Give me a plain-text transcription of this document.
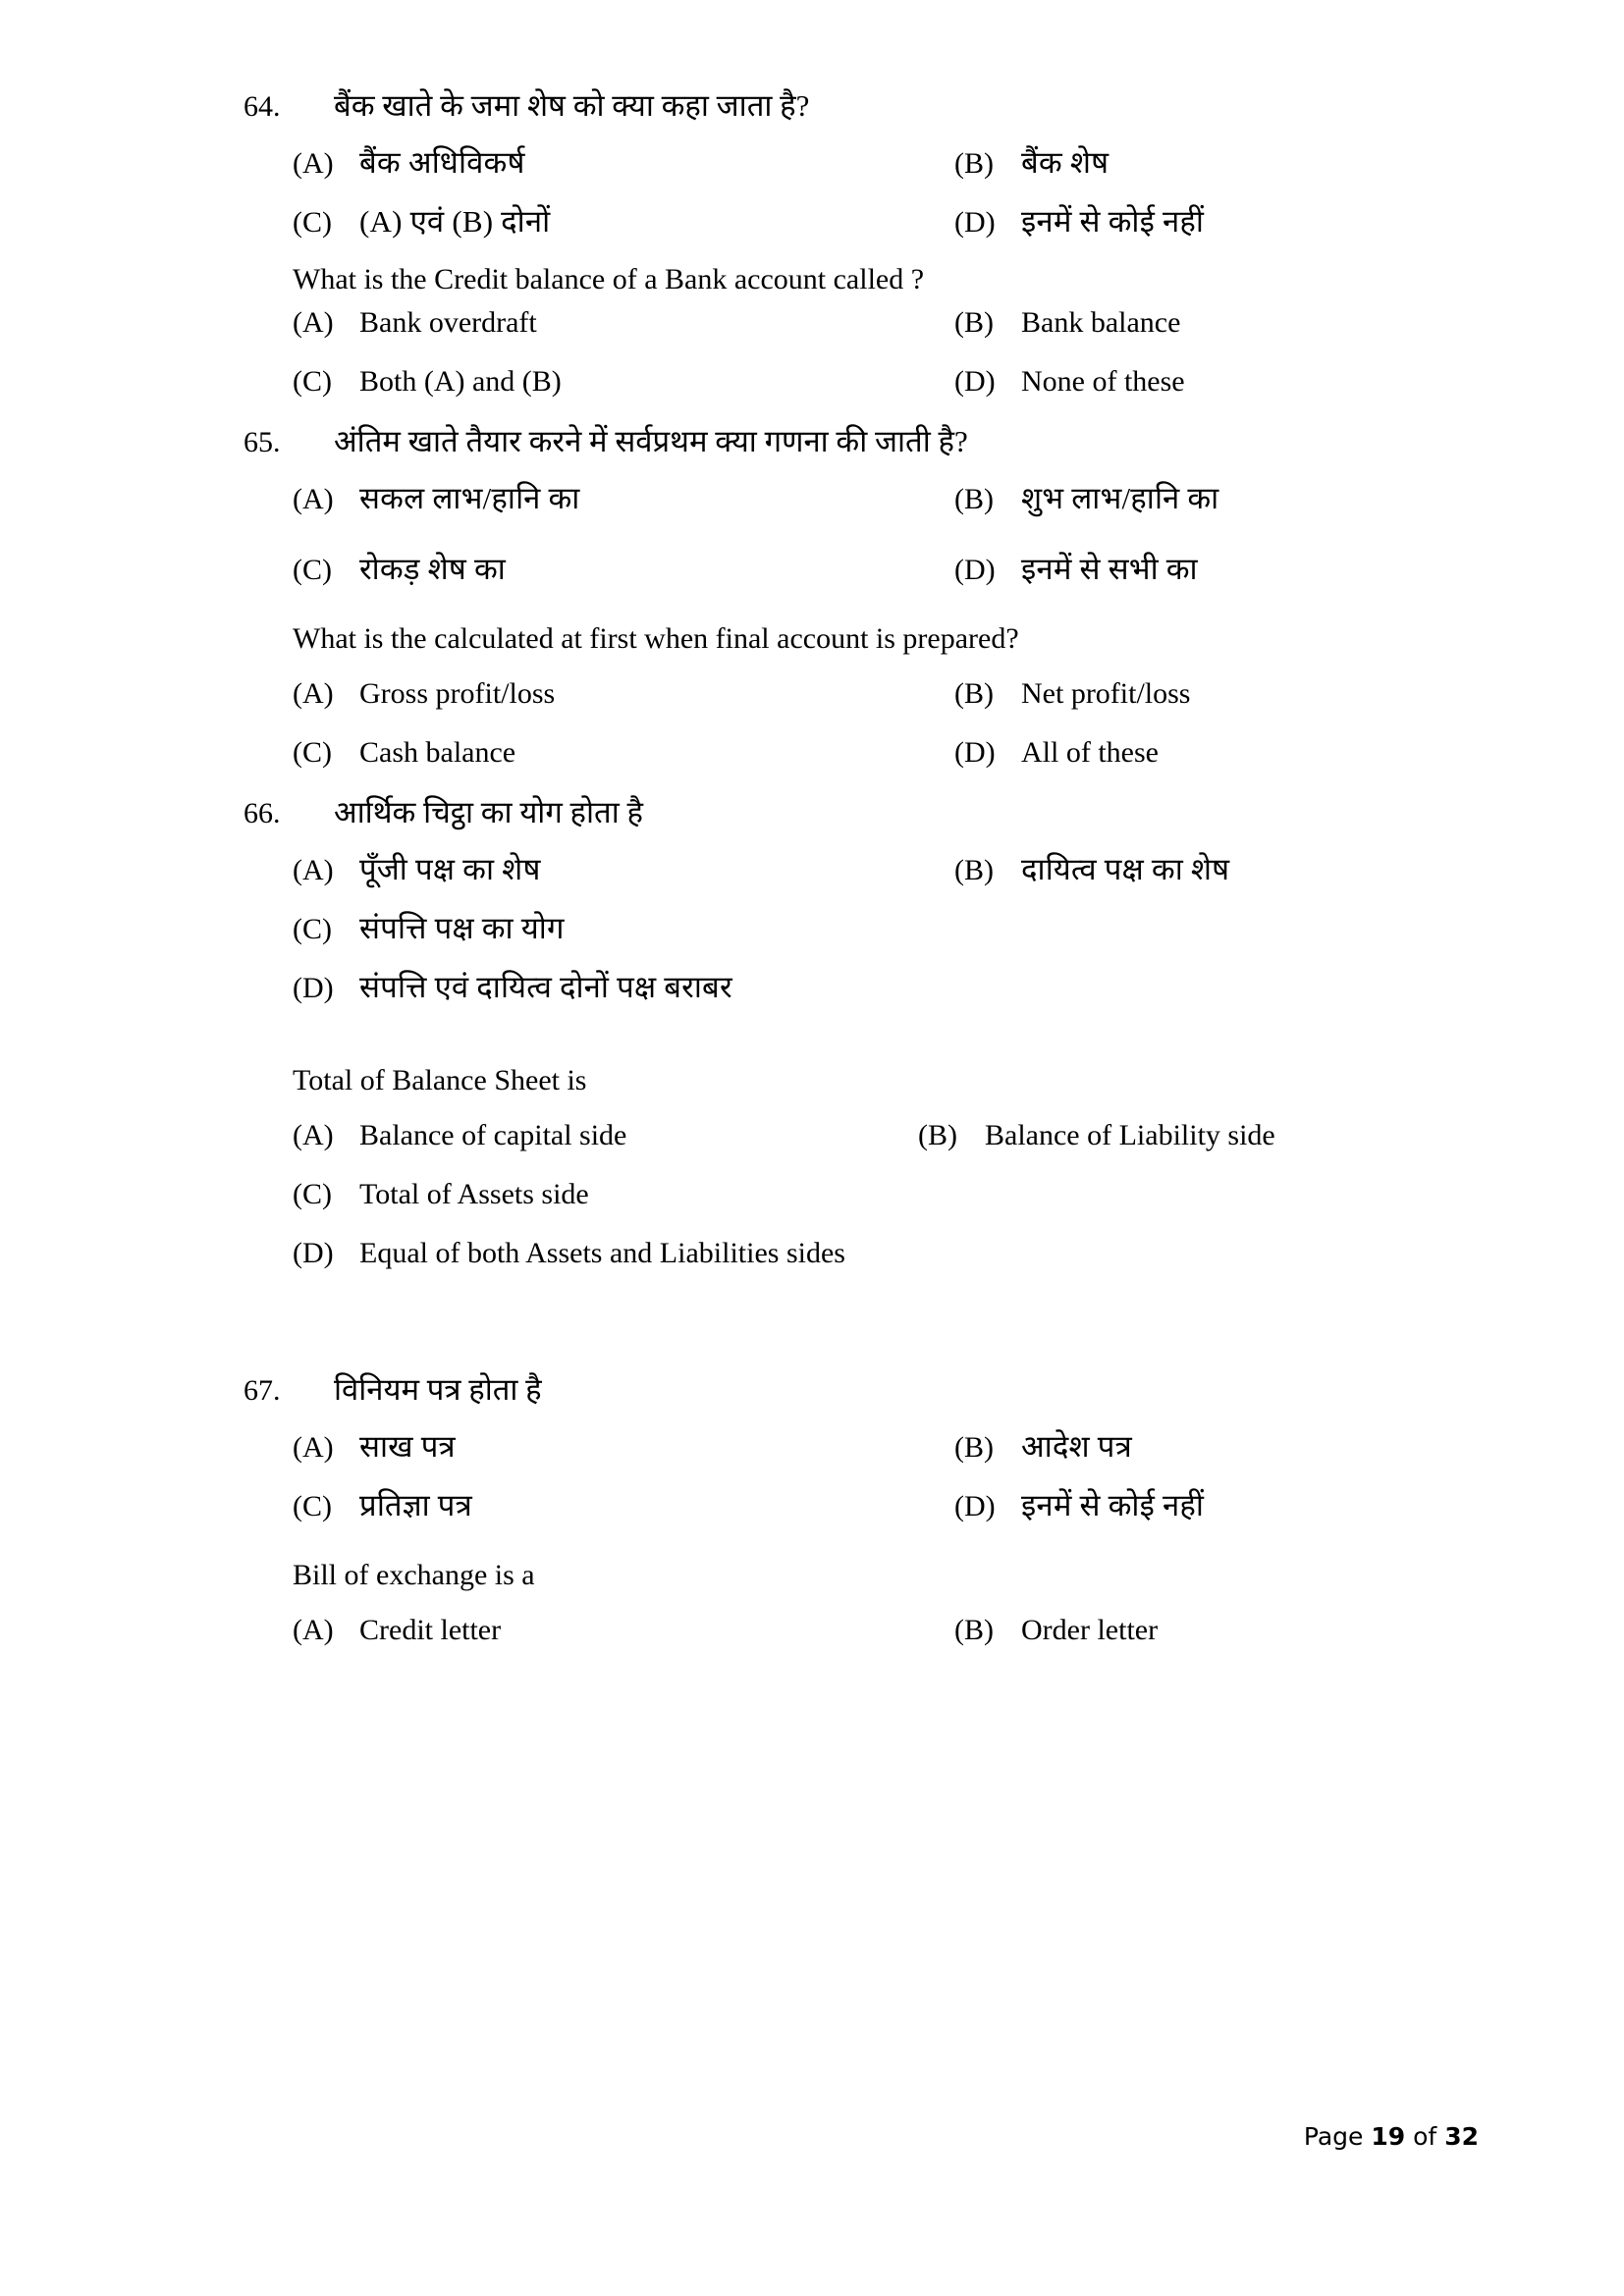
64.	बैंक खाते के जमा शेष को क्या कहा जाता है?
(A) बैंक अधिविकर्ष	(B) बैंक शेष
(C) (A) एवं (B) दोनों	(D) इनमें से कोई नहीं
What is the Credit balance of a Bank account called ?
(A) Bank overdraft	(B) Bank balance
(C) Both (A) and (B)	(D) None of these
65.	अंतिम खाते तैयार करने में सर्वप्रथम क्या गणना की जाती है?
(A) सकल लाभ/हानि का	(B) शुभ लाभ/हानि का
(C) रोकड़ शेष का	(D) इनमें से सभी का
What is the calculated at first when final account is prepared?
(A) Gross profit/loss	(B) Net profit/loss
(C) Cash balance	(D) All of these
66.	आर्थिक चिट्ठा का योग होता है
(A) पूँजी पक्ष का शेष	(B) दायित्व पक्ष का शेष
(C) संपत्ति पक्ष का योग
(D) संपत्ति एवं दायित्व दोनों पक्ष बराबर
Total of Balance Sheet is
(A) Balance of capital side	(B) Balance of Liability side
(C) Total of Assets side
(D) Equal of both Assets and Liabilities sides
67.	विनियम पत्र होता है
(A) साख पत्र	(B) आदेश पत्र
(C) प्रतिज्ञा पत्र	(D) इनमें से कोई नहीं
Bill of exchange is a
(A) Credit letter	(B) Order letter
Page 19 of 32
